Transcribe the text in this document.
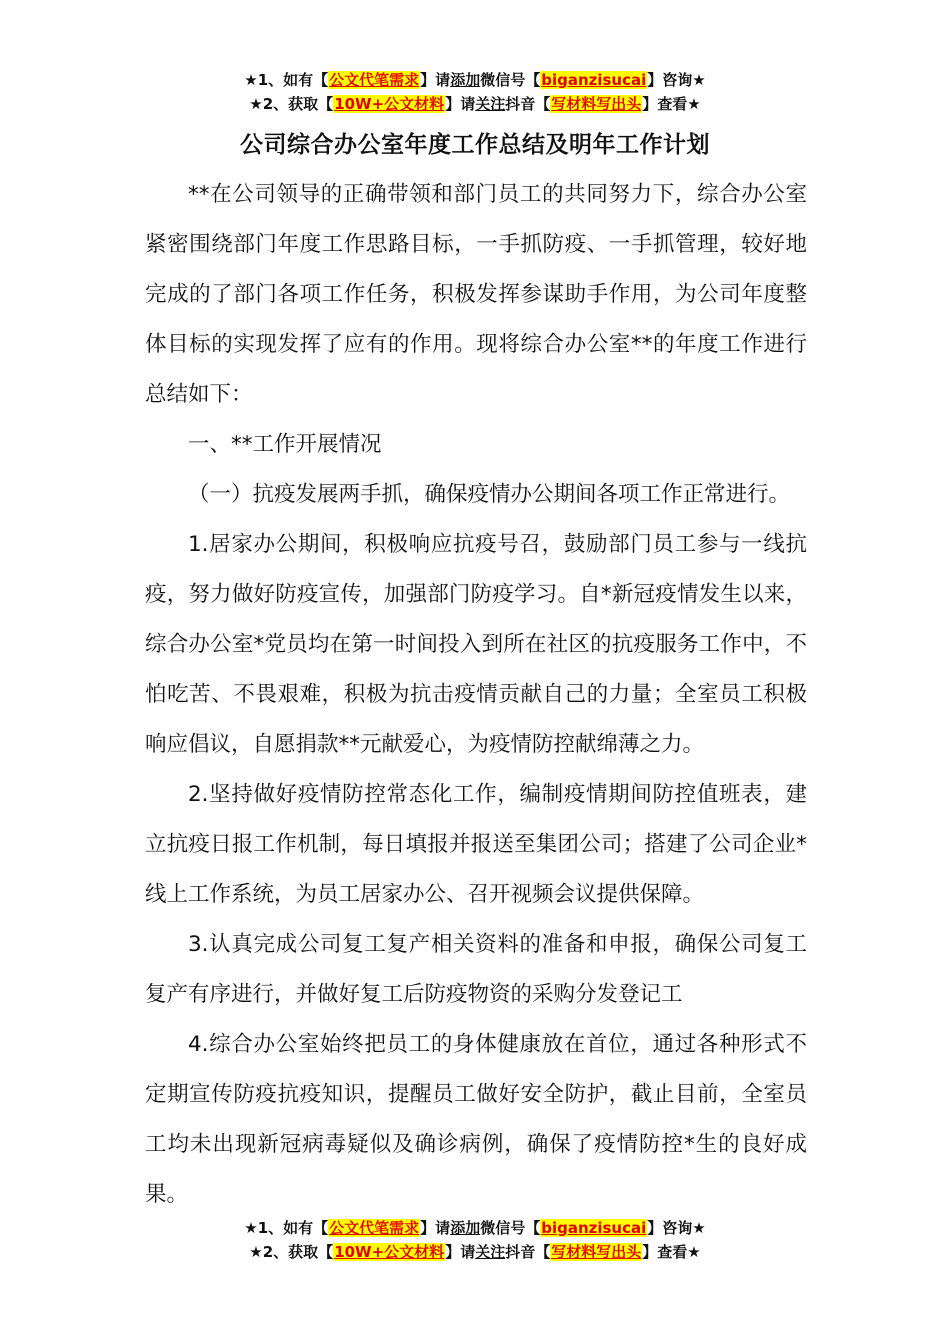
★1、如有【公文代笔需求】请添加微信号【biganzisucai】咨询★
★2、获取【10W+公文材料】请关注抖音【写材料写出头】查看★
公司综合办公室年度工作总结及明年工作计划

**在公司领导的正确带领和部门员工的共同努力下，综合办公室紧密围绕部门年度工作思路目标，一手抓防疫、一手抓管理，较好地完成的了部门各项工作任务，积极发挥参谋助手作用，为公司年度整体目标的实现发挥了应有的作用。现将综合办公室**的年度工作进行总结如下：

一、**工作开展情况

（一）抗疫发展两手抓，确保疫情办公期间各项工作正常进行。

1.居家办公期间，积极响应抗疫号召，鼓励部门员工参与一线抗疫，努力做好防疫宣传，加强部门防疫学习。自*新冠疫情发生以来，综合办公室*党员均在第一时间投入到所在社区的抗疫服务工作中，不怕吃苦、不畏艰难，积极为抗击疫情贡献自己的力量；全室员工积极响应倡议，自愿捐款**元献爱心，为疫情防控献绵薄之力。

2.坚持做好疫情防控常态化工作，编制疫情期间防控值班表，建立抗疫日报工作机制，每日填报并报送至集团公司；搭建了公司企业*线上工作系统，为员工居家办公、召开视频会议提供保障。

3.认真完成公司复工复产相关资料的准备和申报，确保公司复工复产有序进行，并做好复工后防疫物资的采购分发登记工

4.综合办公室始终把员工的身体健康放在首位，通过各种形式不定期宣传防疫抗疫知识，提醒员工做好安全防护，截止目前，全室员工均未出现新冠病毒疑似及确诊病例，确保了疫情防控*生的良好成果。

★1、如有【公文代笔需求】请添加微信号【biganzisucai】咨询★
★2、获取【10W+公文材料】请关注抖音【写材料写出头】查看★
